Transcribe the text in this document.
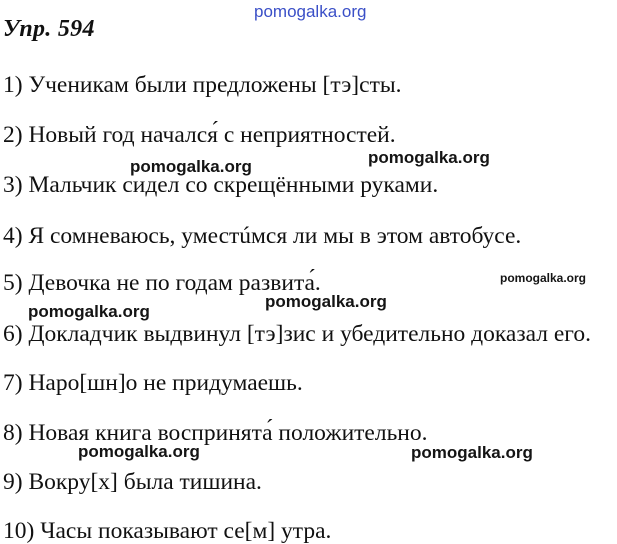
pomogalka.org
Упр. 594
1) Ученикам были предложены [тэ]сты.
2) Новый год начался́ с неприятностей.
3) Мальчик сидел со скрещёнными руками.
4) Я сомневаюсь, уместúмся ли мы в этом автобусе.
5) Девочка не по годам развита́.
6) Докладчик выдвинул [тэ]зис и убедительно доказал его.
7) Наро[шн]о не придумаешь.
8) Новая книга воспринята́ положительно.
9) Вокру[х] была тишина.
10) Часы показывают се[м] утра.
pomogalka.org	pomogalka.org
pomogalka.org
pomogalka.org
pomogalka.org
pomogalka.org	pomogalka.org
